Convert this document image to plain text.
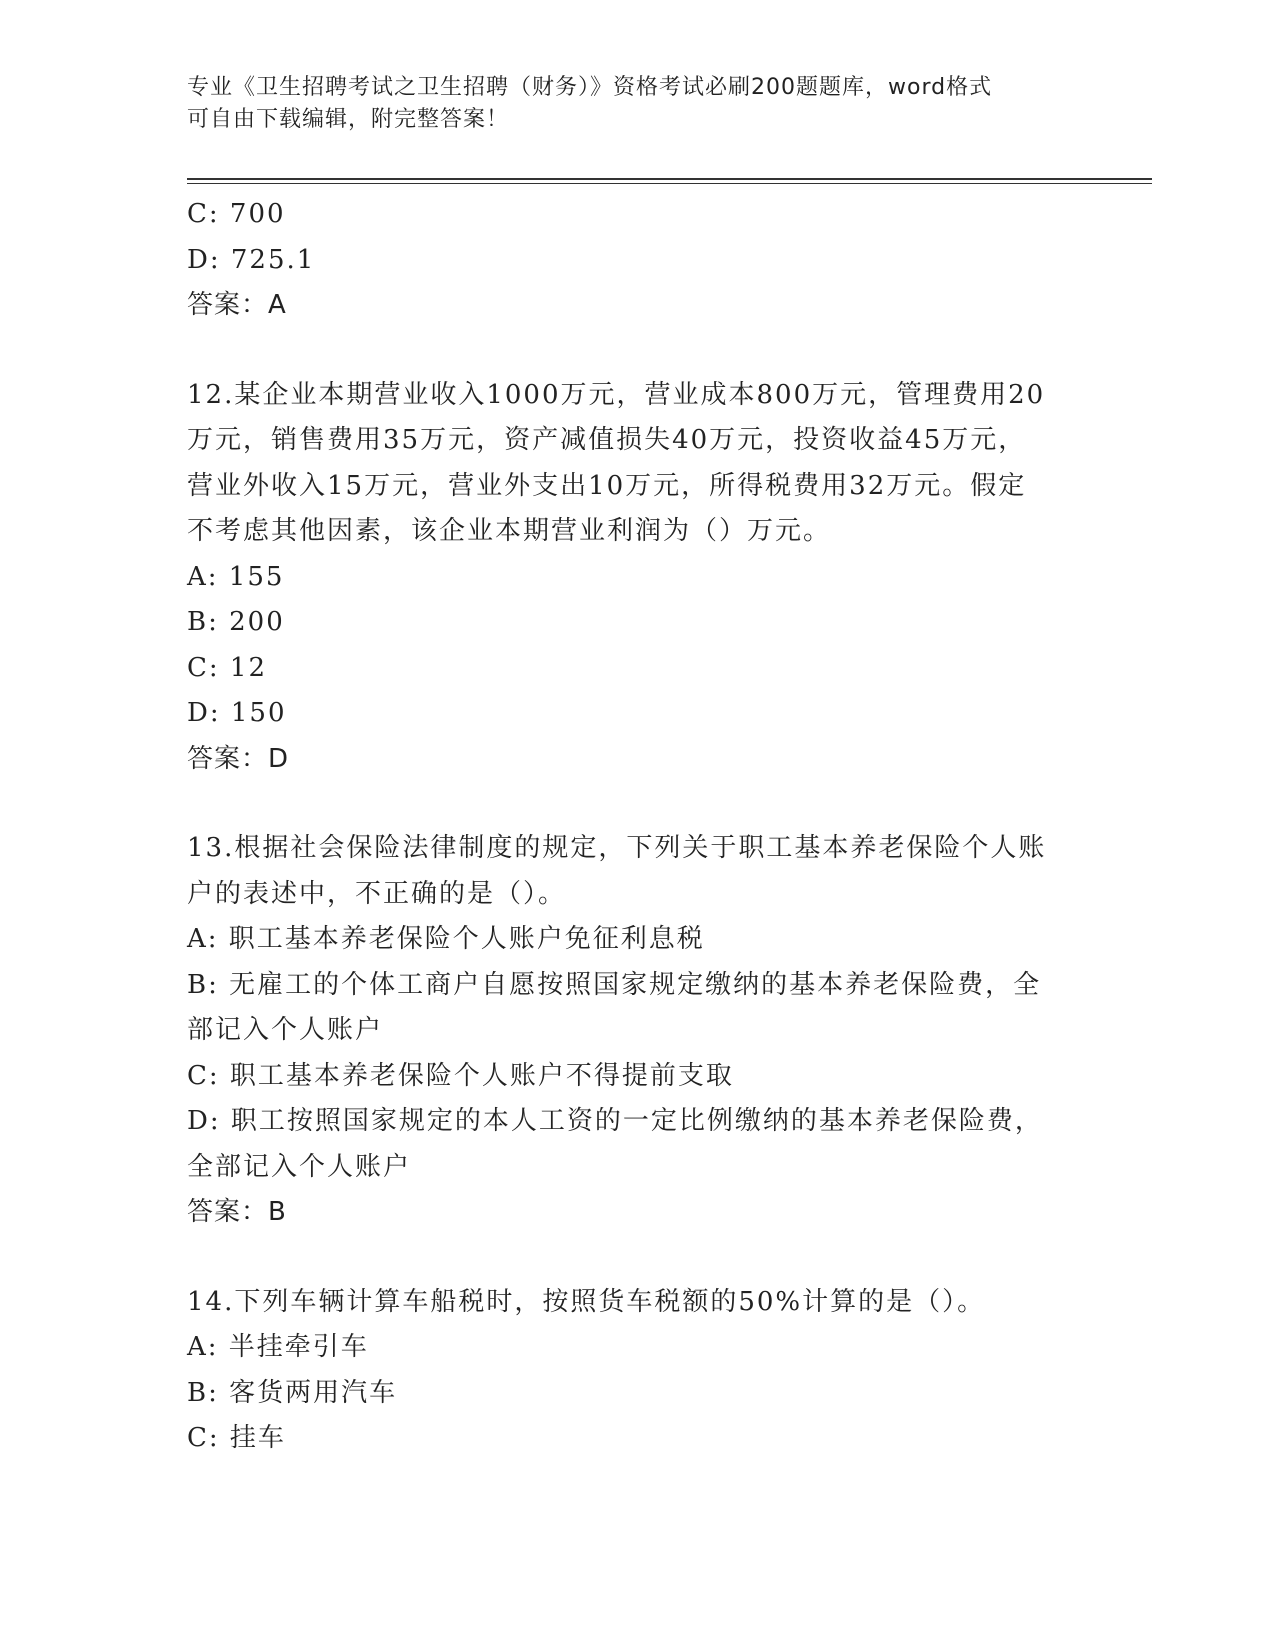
专业《卫生招聘考试之卫生招聘（财务）》资格考试必刷200题题库，word格式
可自由下载编辑，附完整答案！
C: 700
D: 725.1
答案：A
12.某企业本期营业收入1000万元，营业成本800万元，管理费用20
万元，销售费用35万元，资产减值损失40万元，投资收益45万元，
营业外收入15万元，营业外支出10万元，所得税费用32万元。假定
不考虑其他因素，该企业本期营业利润为（）万元。
A: 155
B: 200
C: 12
D: 150
答案：D
13.根据社会保险法律制度的规定，下列关于职工基本养老保险个人账
户的表述中，不正确的是（）。
A: 职工基本养老保险个人账户免征利息税
B: 无雇工的个体工商户自愿按照国家规定缴纳的基本养老保险费，全
部记入个人账户
C: 职工基本养老保险个人账户不得提前支取
D: 职工按照国家规定的本人工资的一定比例缴纳的基本养老保险费，
全部记入个人账户
答案：B
14.下列车辆计算车船税时，按照货车税额的50%计算的是（）。
A: 半挂牵引车
B: 客货两用汽车
C: 挂车
